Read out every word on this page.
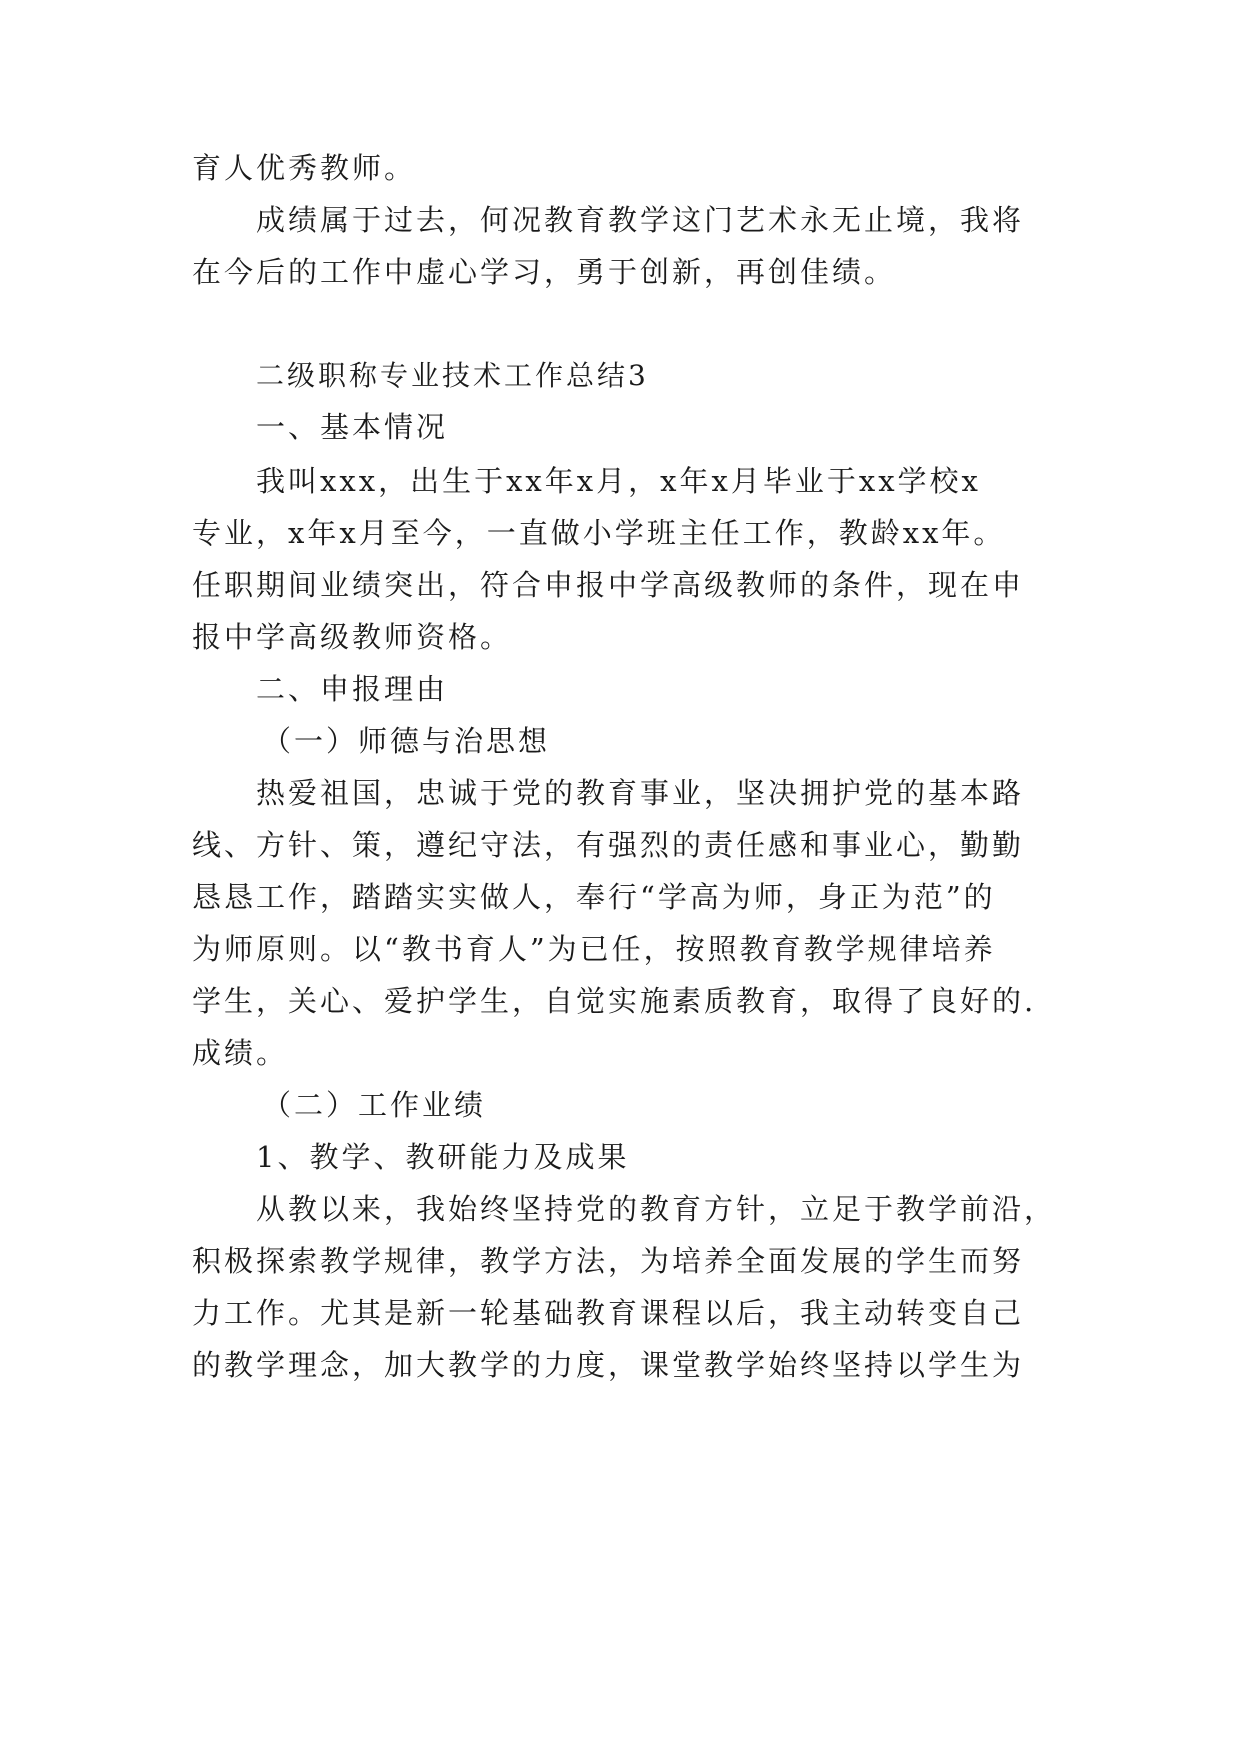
育人优秀教师。
成绩属于过去，何况教育教学这门艺术永无止境，我将
在今后的工作中虚心学习，勇于创新，再创佳绩。
二级职称专业技术工作总结3
一、基本情况
我叫xxx，出生于xx年x月，x年x月毕业于xx学校x
专业，x年x月至今，一直做小学班主任工作，教龄xx年。
任职期间业绩突出，符合申报中学高级教师的条件，现在申
报中学高级教师资格。
二、申报理由
（一）师德与治思想
热爱祖国，忠诚于党的教育事业，坚决拥护党的基本路
线、方针、策，遵纪守法，有强烈的责任感和事业心，勤勤
恳恳工作，踏踏实实做人，奉行“学高为师，身正为范”的
为师原则。以“教书育人”为已任，按照教育教学规律培养
学生，关心、爱护学生，自觉实施素质教育，取得了良好的.
成绩。
（二）工作业绩
1、教学、教研能力及成果
从教以来，我始终坚持党的教育方针，立足于教学前沿，
积极探索教学规律，教学方法，为培养全面发展的学生而努
力工作。尤其是新一轮基础教育课程以后，我主动转变自己
的教学理念，加大教学的力度，课堂教学始终坚持以学生为
